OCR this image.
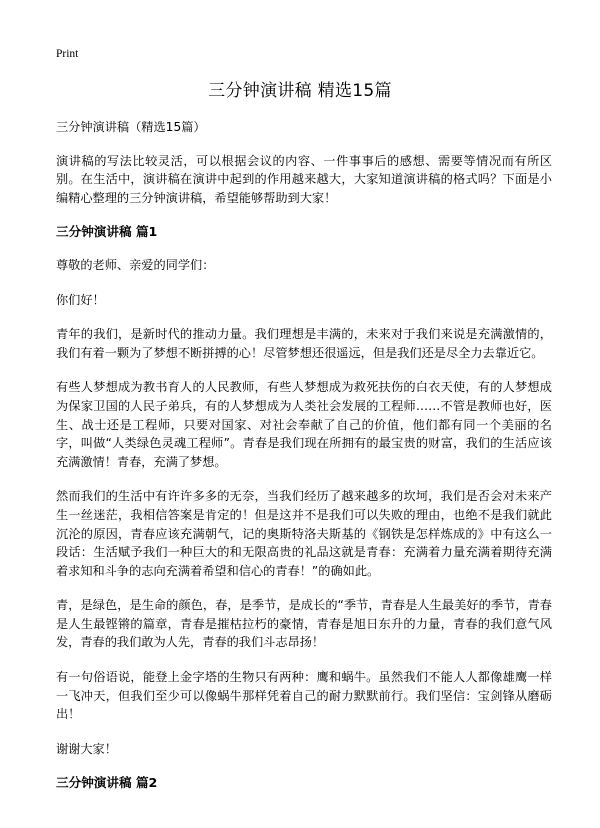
Print
三分钟演讲稿 精选15篇

三分钟演讲稿（精选15篇）

演讲稿的写法比较灵活，可以根据会议的内容、一件事事后的感想、需要等情况而有所区别。在生活中，演讲稿在演讲中起到的作用越来越大，大家知道演讲稿的格式吗？下面是小编精心整理的三分钟演讲稿，希望能够帮助到大家！

三分钟演讲稿 篇1

尊敬的老师、亲爱的同学们：

你们好！

青年的我们，是新时代的推动力量。我们理想是丰满的，未来对于我们来说是充满激情的，我们有着一颗为了梦想不断拼搏的心！尽管梦想还很遥远，但是我们还是尽全力去靠近它。

有些人梦想成为教书育人的人民教师，有些人梦想成为救死扶伤的白衣天使，有的人梦想成为保家卫国的人民子弟兵，有的人梦想成为人类社会发展的工程师……不管是教师也好，医生、战士还是工程师，只要对国家、对社会奉献了自己的价值，他们都有同一个美丽的名字，叫做“人类绿色灵魂工程师”。青春是我们现在所拥有的最宝贵的财富，我们的生活应该充满激情！青春，充满了梦想。

然而我们的生活中有许许多多的无奈，当我们经历了越来越多的坎坷，我们是否会对未来产生一丝迷茫，我相信答案是肯定的！但是这并不是我们可以失败的理由，也绝不是我们就此沉沦的原因，青春应该充满朝气，记的奥斯特洛夫斯基的《钢铁是怎样炼成的》中有这么一段话：生活赋予我们一种巨大的和无限高贵的礼品这就是青春：充满着力量充满着期待充满着求知和斗争的志向充满着希望和信心的青春！”的确如此。

青，是绿色，是生命的颜色，春，是季节，是成长的“季节，青春是人生最美好的季节，青春是人生最铿锵的篇章，青春是摧枯拉朽的豪情，青春是旭日东升的力量，青春的我们意气风发，青春的我们敢为人先，青春的我们斗志昂扬！

有一句俗语说，能登上金字塔的生物只有两种：鹰和蜗牛。虽然我们不能人人都像雄鹰一样一飞冲天，但我们至少可以像蜗牛那样凭着自己的耐力默默前行。我们坚信：宝剑锋从磨砺出！

谢谢大家！

三分钟演讲稿 篇2
